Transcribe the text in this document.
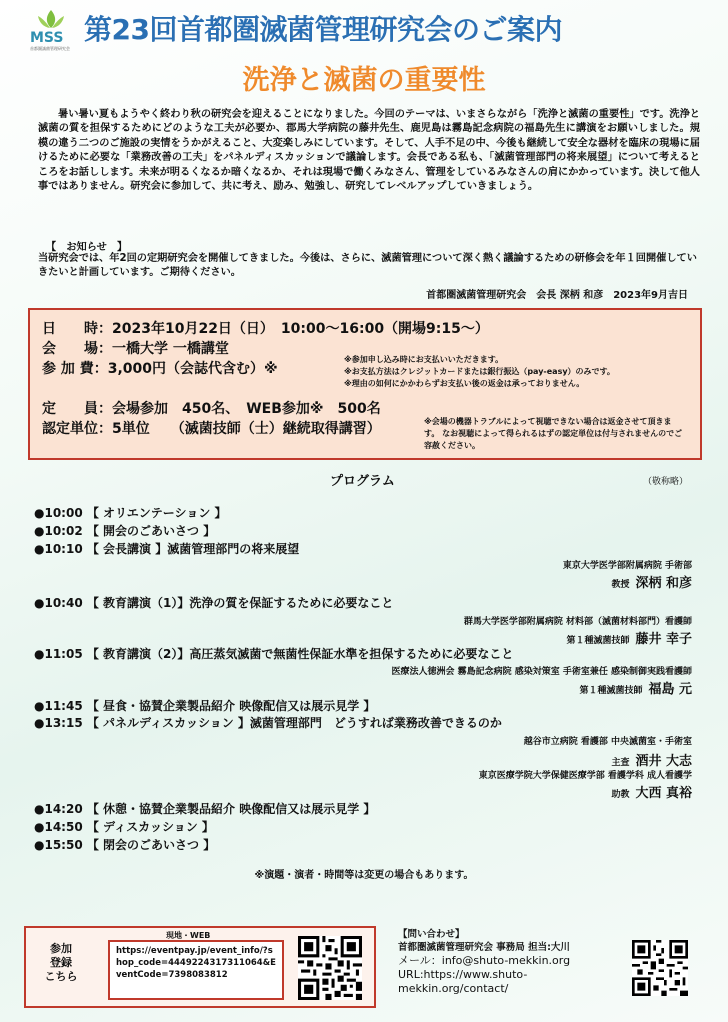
MSS
首都圏滅菌管理研究会
第23回首都圏滅菌管理研究会のご案内
洗浄と滅菌の重要性
暑い暑い夏もようやく終わり秋の研究会を迎えることになりました。今回のテーマは、いまさらながら「洗浄と滅菌の重要性」です。洗浄と滅菌の質を担保するためにどのような工夫が必要か、郡馬大学病院の藤井先生、鹿児島は霧島記念病院の福島先生に講演をお願いしました。規模の違う二つのご施設の実情をうかがえること、大変楽しみにしています。そして、人手不足の中、今後も継続して安全な器材を臨床の現場に届けるために必要な「業務改善の工夫」をパネルディスカッションで議論します。会長である私も、「滅菌管理部門の将来展望」について考えるところをお話しします。未来が明るくなるか暗くなるか、それは現場で働くみなさん、管理をしているみなさんの肩にかかっています。決して他人事ではありません。研究会に参加して、共に考え、励み、勉強し、研究してレベルアップしていきましょう。
【　お知らせ　】
当研究会では、年2回の定期研究会を開催してきました。今後は、さらに、滅菌管理について深く熱く議論するための研修会を年１回開催していきたいと計画しています。ご期待ください。
首都圏滅菌管理研究会　会長 深柄 和彦　2023年9月吉日
日　　時：2023年10月22日（日）　10:00～16:00（開場9:15～）
会　　場：一橋大学 一橋講堂
参 加 費：3,000円（会誌代含む）※
※参加申し込み時にお支払いいただきます。
※お支払方法はクレジットカードまたは銀行振込（pay-easy）のみです。
※理由の如何にかかわらずお支払い後の返金は承っておりません。
定　　員：会場参加　450名、　WEB参加※　500名
認定単位：5単位　　（滅菌技師（士）継続取得講習）	※会場の機器トラブルによって視聴できない場合は返金させて頂きます。 なお視聴によって得られるはずの認定単位は付与されませんのでご容赦ください。
プログラム	（敬称略）
●10:00 【 オリエンテーション 】
●10:02 【 開会のごあいさつ 】
●10:10 【 会長講演 】滅菌管理部門の将来展望
東京大学医学部附属病院 手術部
教授 深柄 和彦
●10:40 【 教育講演（1）】洗浄の質を保証するために必要なこと
群馬大学医学部附属病院 材料部（滅菌材料部門）看護師
第１種滅菌技師 藤井 幸子
●11:05 【 教育講演（2）】高圧蒸気滅菌で無菌性保証水準を担保するために必要なこと
医療法人徳洲会 霧島記念病院 感染対策室 手術室兼任 感染制御実践看護師
第１種滅菌技師 福島 元
●11:45 【 昼食・協賛企業製品紹介 映像配信又は展示見学 】
●13:15 【 パネルディスカッション 】滅菌管理部門　どうすれば業務改善できるのか
越谷市立病院 看護部 中央滅菌室・手術室
主査 酒井 大志
東京医療学院大学保健医療学部 看護学科 成人看護学
助教 大西 真裕
●14:20 【 休憩・協賛企業製品紹介 映像配信又は展示見学 】
●14:50 【 ディスカッション 】
●15:50 【 閉会のごあいさつ 】
※演題・演者・時間等は変更の場合もあります。
参加
登録
こちら
現地・WEB
https://eventpay.jp/event_info/?shop_code=4449224317311064&EventCode=7398083812
【問い合わせ】
首都圏滅菌管理研究会 事務局 担当:大川
メール：info@shuto-mekkin.org
URL:https://www.shuto-mekkin.org/contact/
